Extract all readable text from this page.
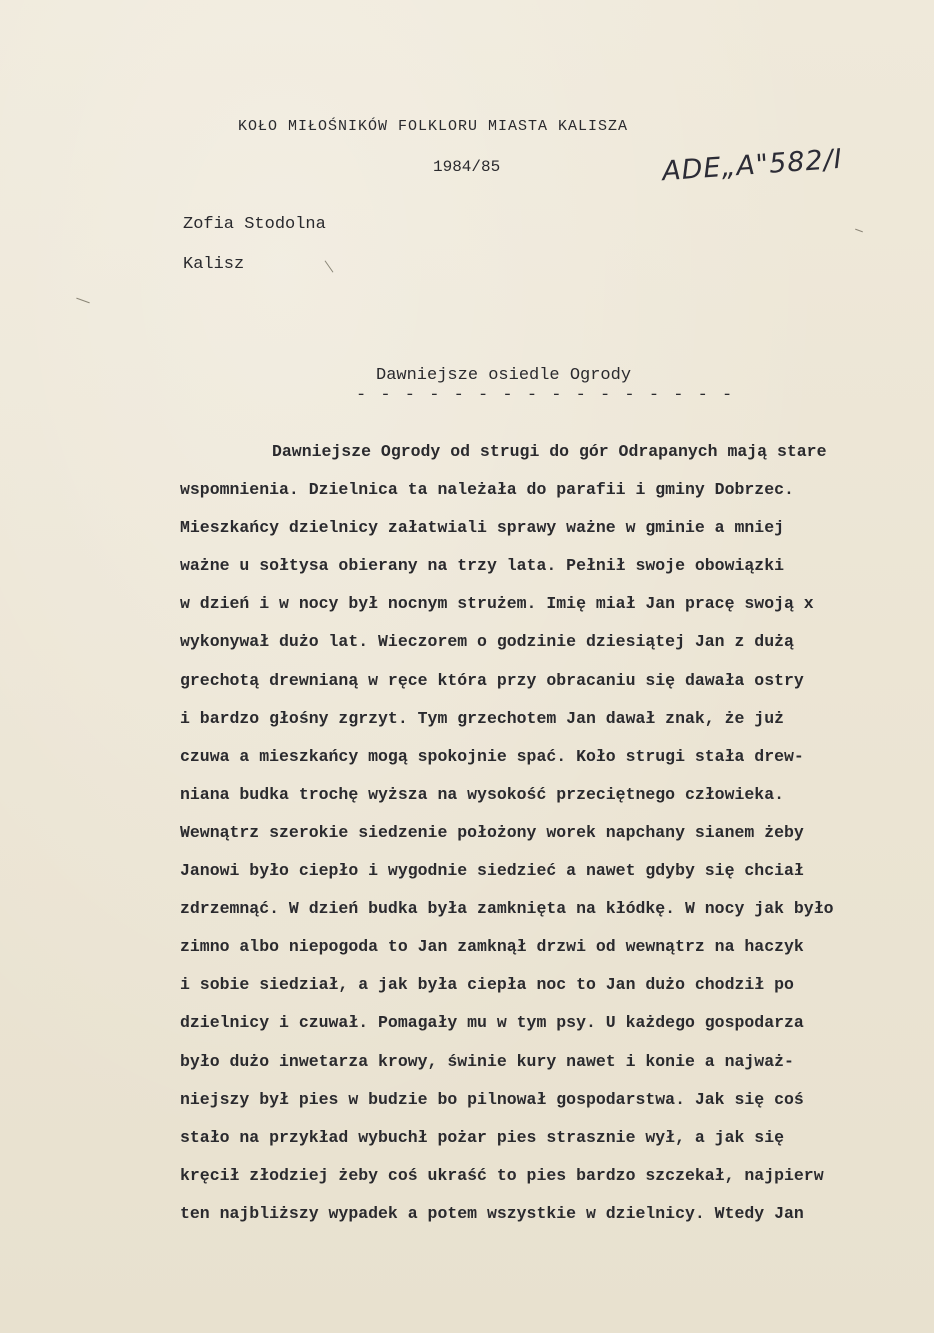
KOŁO MIŁOŚNIKÓW FOLKLORU MIASTA KALISZA
1984/85	ADE„A"582/I
Zofia Stodolna
Kalisz
Dawniejsze osiedle Ogrody
- - - - - - - - - - - - - - - -
Dawniejsze Ogrody od strugi do gór Odrapanych mają stare
wspomnienia. Dzielnica ta należała do parafii i gminy Dobrzec.
Mieszkańcy dzielnicy załatwiali sprawy ważne w gminie a mniej
ważne u sołtysa obierany na trzy lata. Pełnił swoje obowiązki
w dzień i w nocy był nocnym strużem. Imię miał Jan pracę swoją x
wykonywał dużo lat. Wieczorem o godzinie dziesiątej Jan z dużą
grechotą drewnianą w ręce która przy obracaniu się dawała ostry
i bardzo głośny zgrzyt. Tym grzechotem Jan dawał znak, że już
czuwa a mieszkańcy mogą spokojnie spać. Koło strugi stała drew-
niana budka trochę wyższa na wysokość przeciętnego człowieka.
Wewnątrz szerokie siedzenie położony worek napchany sianem żeby
Janowi było ciepło i wygodnie siedzieć a nawet gdyby się chciał
zdrzemnąć. W dzień budka była zamknięta na kłódkę. W nocy jak było
zimno albo niepogoda to Jan zamknął drzwi od wewnątrz na haczyk
i sobie siedział, a jak była ciepła noc to Jan dużo chodził po
dzielnicy i czuwał. Pomagały mu w tym psy. U każdego gospodarza
było dużo inwetarza krowy, świnie kury nawet i konie a najważ-
niejszy był pies w budzie bo pilnował gospodarstwa. Jak się coś
stało na przykład wybuchł pożar pies strasznie wył, a jak się
kręcił złodziej żeby coś ukraść to pies bardzo szczekał, najpierw
ten najbliższy wypadek a potem wszystkie w dzielnicy. Wtedy Jan
